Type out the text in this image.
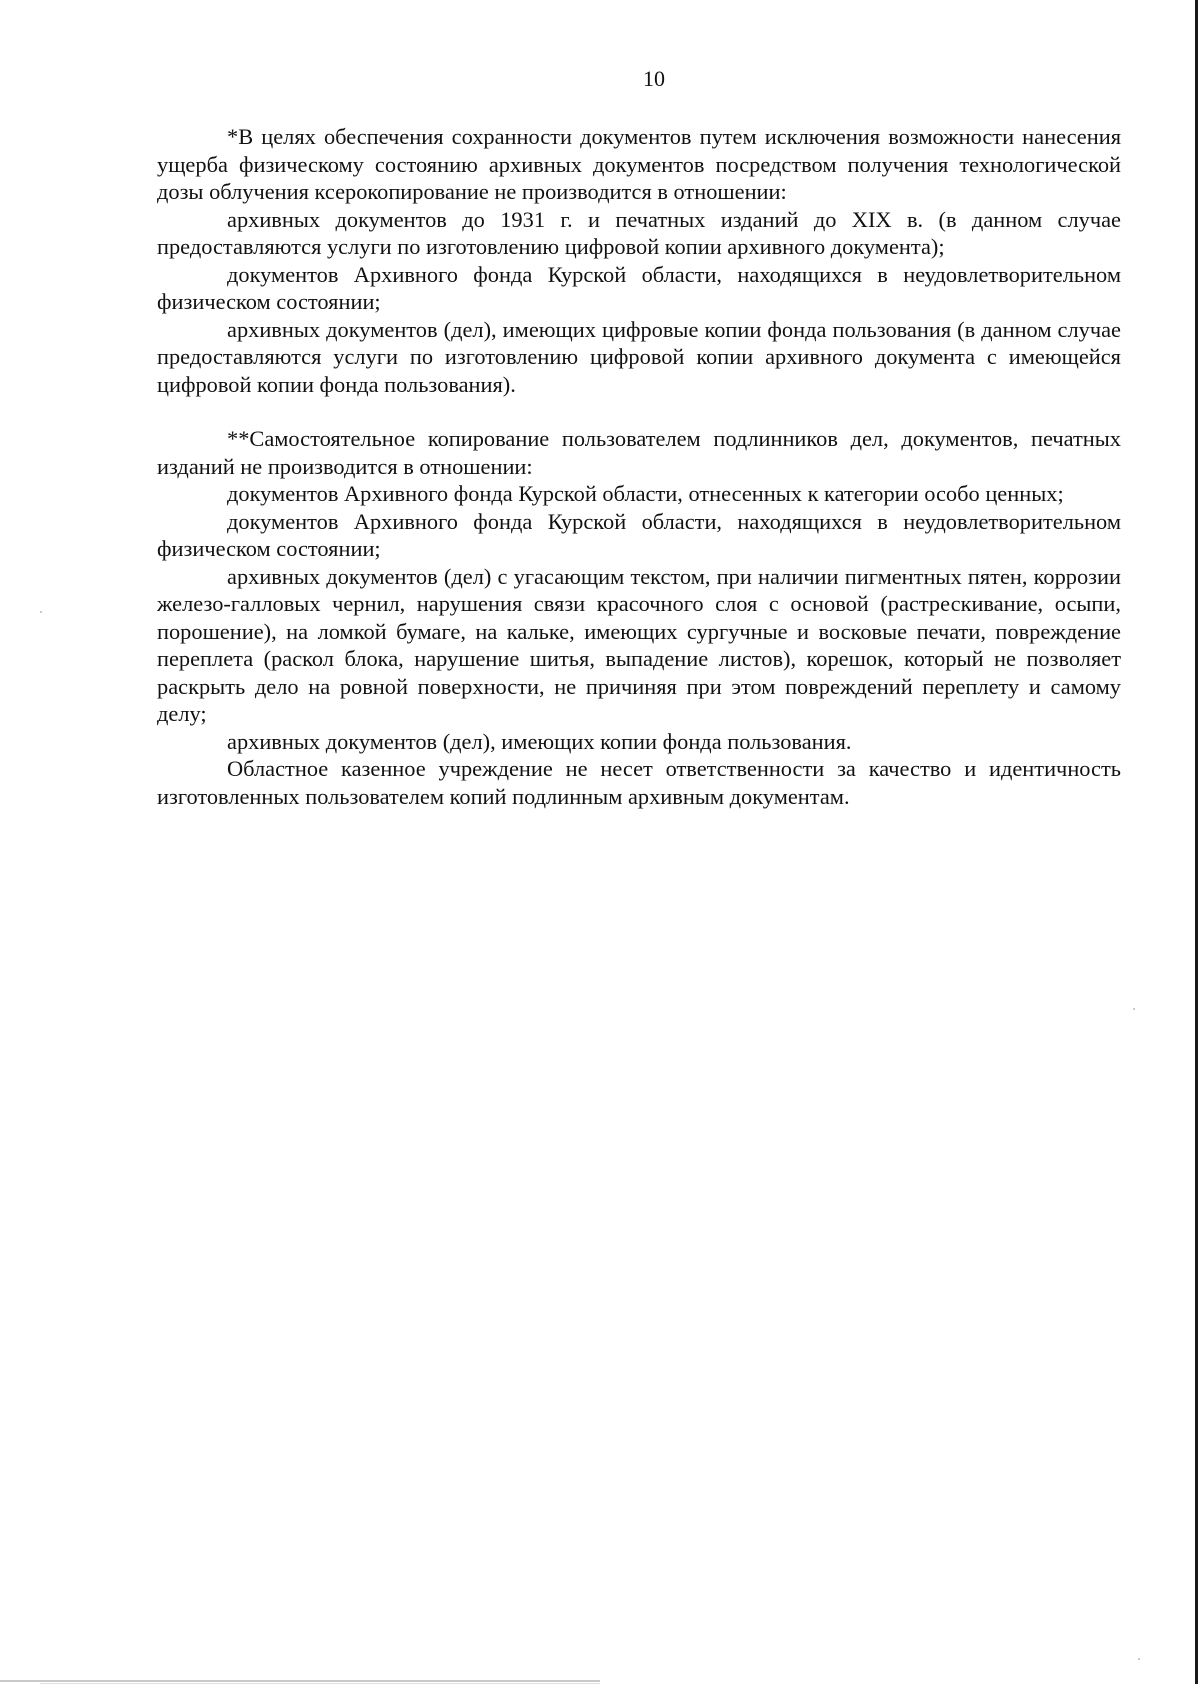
10

*В целях обеспечения сохранности документов путем исключения возможности нанесения ущерба физическому состоянию архивных документов посредством получения технологической дозы облучения ксерокопирование не производится в отношении:

архивных документов до 1931 г. и печатных изданий до XIX в. (в данном случае предоставляются услуги по изготовлению цифровой копии архивного документа);

документов Архивного фонда Курской области, находящихся в неудовлетворительном физическом состоянии;

архивных документов (дел), имеющих цифровые копии фонда пользования (в данном случае предоставляются услуги по изготовлению цифровой копии архивного документа с имеющейся цифровой копии фонда пользования).

**Самостоятельное копирование пользователем подлинников дел, документов, печатных изданий не производится в отношении:

документов Архивного фонда Курской области, отнесенных к категории особо ценных;

документов Архивного фонда Курской области, находящихся в неудовлетворительном физическом состоянии;

архивных документов (дел) с угасающим текстом, при наличии пигментных пятен, коррозии железо-галловых чернил, нарушения связи красочного слоя с основой (растрескивание, осыпи, порошение), на ломкой бумаге, на кальке, имеющих сургучные и восковые печати, повреждение переплета (раскол блока, нарушение шитья, выпадение листов), корешок, который не позволяет раскрыть дело на ровной поверхности, не причиняя при этом повреждений переплету и самому делу;

архивных документов (дел), имеющих копии фонда пользования.

Областное казенное учреждение не несет ответственности за качество и идентичность изготовленных пользователем копий подлинным архивным документам.
